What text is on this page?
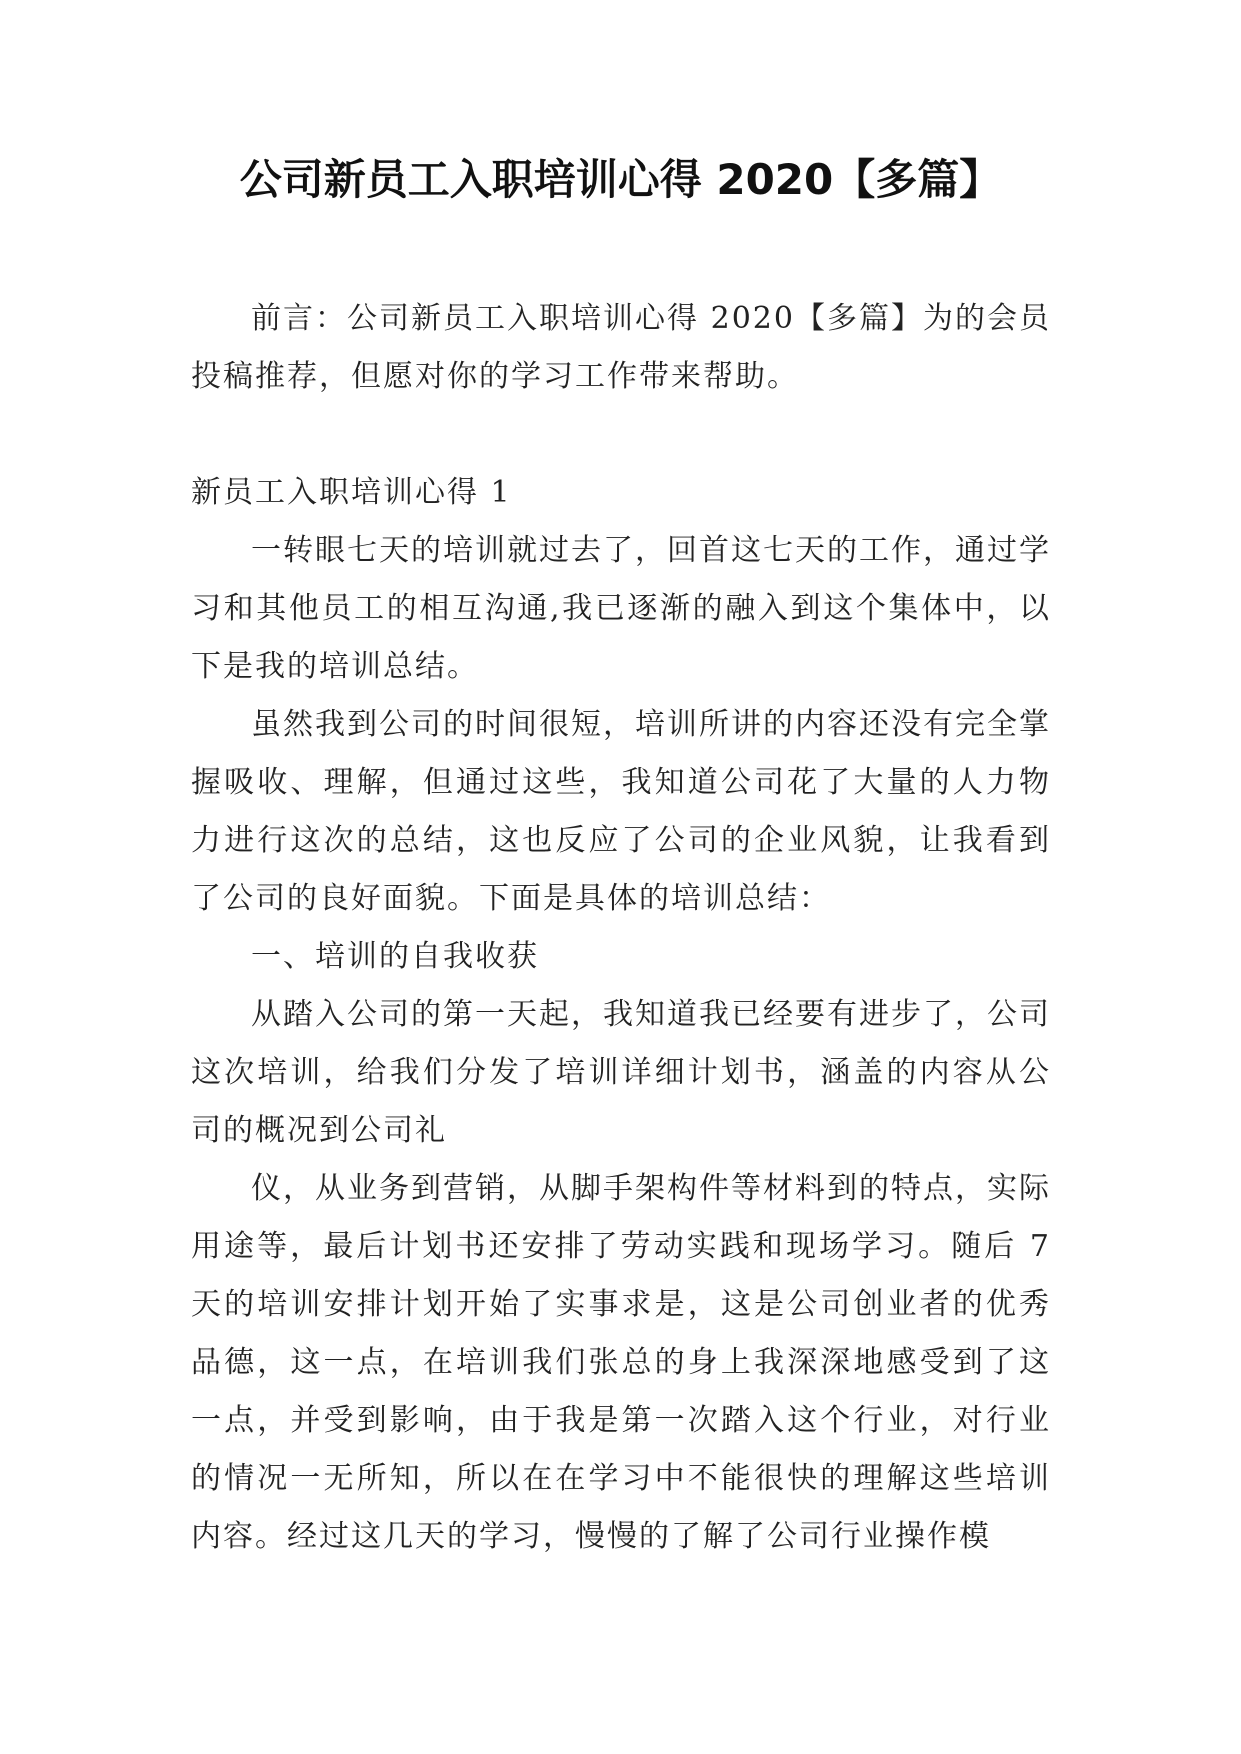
公司新员工入职培训心得 2020【多篇】

前言：公司新员工入职培训心得 2020【多篇】为的会员投稿推荐，但愿对你的学习工作带来帮助。

新员工入职培训心得 1

一转眼七天的培训就过去了，回首这七天的工作，通过学习和其他员工的相互沟通,我已逐渐的融入到这个集体中，以下是我的培训总结。

虽然我到公司的时间很短，培训所讲的内容还没有完全掌握吸收、理解，但通过这些，我知道公司花了大量的人力物力进行这次的总结，这也反应了公司的企业风貌，让我看到了公司的良好面貌。下面是具体的培训总结：

一、培训的自我收获

从踏入公司的第一天起，我知道我已经要有进步了，公司这次培训，给我们分发了培训详细计划书，涵盖的内容从公司的概况到公司礼

仪，从业务到营销，从脚手架构件等材料到的特点，实际用途等，最后计划书还安排了劳动实践和现场学习。随后 7 天的培训安排计划开始了实事求是，这是公司创业者的优秀品德，这一点，在培训我们张总的身上我深深地感受到了这一点，并受到影响，由于我是第一次踏入这个行业，对行业的情况一无所知，所以在在学习中不能很快的理解这些培训内容。经过这几天的学习，慢慢的了解了公司行业操作模
